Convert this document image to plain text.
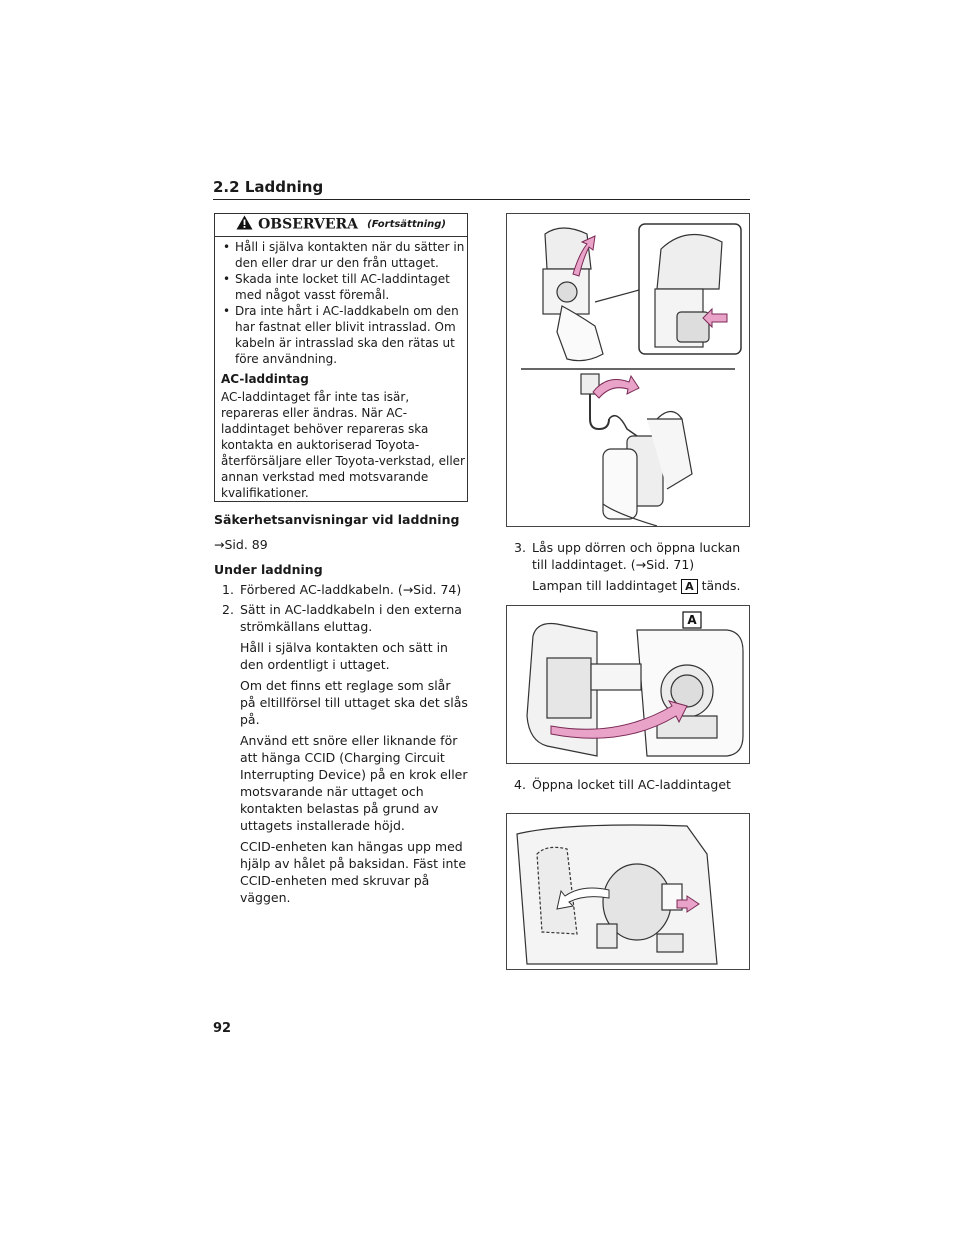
2.2 Laddning
OBSERVERA (Fortsättning)
• Håll i själva kontakten när du sätter in den eller drar ur den från uttaget.
• Skada inte locket till AC-laddintaget med något vasst föremål.
• Dra inte hårt i AC-laddkabeln om den har fastnat eller blivit intrasslad. Om kabeln är intrasslad ska den rätas ut före användning.
AC-laddintag
AC-laddintaget får inte tas isär, repareras eller ändras. När AC-laddintaget behöver repareras ska kontakta en auktoriserad Toyota-återförsäljare eller Toyota-verkstad, eller annan verkstad med motsvarande kvalifikationer.
Säkerhetsanvisningar vid laddning
→Sid. 89
Under laddning
1. Förbered AC-laddkabeln. (→Sid. 74)
2. Sätt in AC-laddkabeln i den externa strömkällans eluttag.
Håll i själva kontakten och sätt in den ordentligt i uttaget.
Om det finns ett reglage som slår på eltillförsel till uttaget ska det slås på.
Använd ett snöre eller liknande för att hänga CCID (Charging Circuit Interrupting Device) på en krok eller motsvarande när uttaget och kontakten belastas på grund av uttagets installerade höjd.
CCID-enheten kan hängas upp med hjälp av hålet på baksidan. Fäst inte CCID-enheten med skruvar på väggen.
3. Lås upp dörren och öppna luckan till laddintaget. (→Sid. 71)
Lampan till laddintaget A tänds.
A
4. Öppna locket till AC-laddintaget
92
